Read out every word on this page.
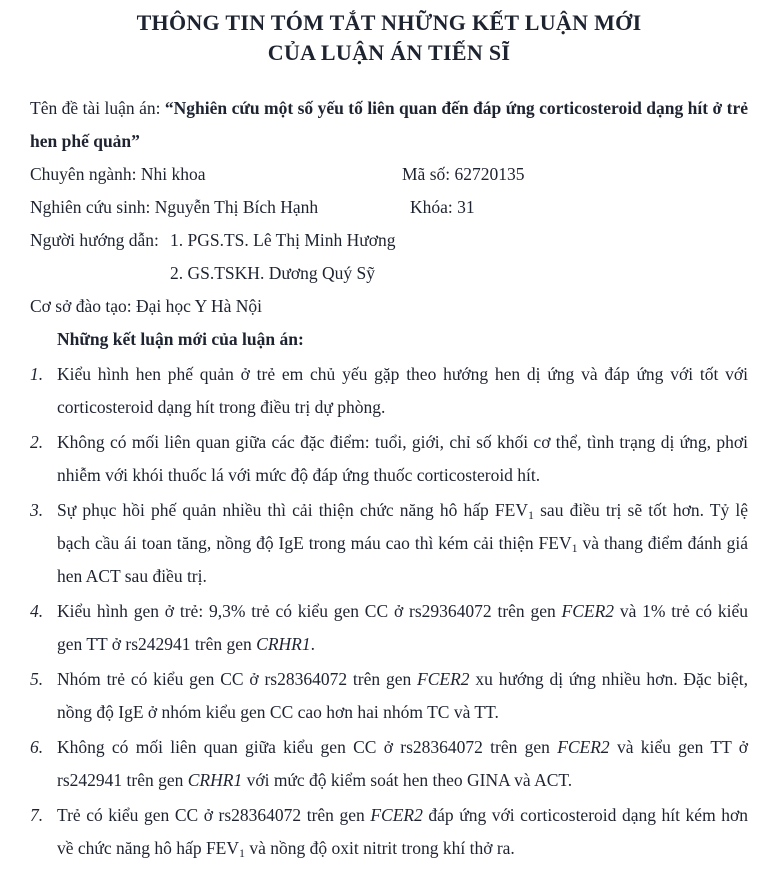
THÔNG TIN TÓM TẮT NHỮNG KẾT LUẬN MỚI
CỦA LUẬN ÁN TIẾN SĨ

Tên đề tài luận án: “Nghiên cứu một số yếu tố liên quan đến đáp ứng corticosteroid dạng hít ở trẻ hen phế quản”

Chuyên ngành: Nhi khoa	Mã số: 62720135
Nghiên cứu sinh: Nguyễn Thị Bích Hạnh	Khóa: 31
Người hướng dẫn: 1. PGS.TS. Lê Thị Minh Hương
2. GS.TSKH. Dương Quý Sỹ
Cơ sở đào tạo: Đại học Y Hà Nội

Những kết luận mới của luận án:

1. Kiểu hình hen phế quản ở trẻ em chủ yếu gặp theo hướng hen dị ứng và đáp ứng với tốt với corticosteroid dạng hít trong điều trị dự phòng.
2. Không có mối liên quan giữa các đặc điểm: tuổi, giới, chỉ số khối cơ thể, tình trạng dị ứng, phơi nhiễm với khói thuốc lá với mức độ đáp ứng thuốc corticosteroid hít.
3. Sự phục hồi phế quản nhiều thì cải thiện chức năng hô hấp $FEV_1$ sau điều trị sẽ tốt hơn. Tỷ lệ bạch cầu ái toan tăng, nồng độ IgE trong máu cao thì kém cải thiện $FEV_1$ và thang điểm đánh giá hen ACT sau điều trị.
4. Kiểu hình gen ở trẻ: 9,3% trẻ có kiểu gen CC ở rs29364072 trên gen FCER2 và 1% trẻ có kiểu gen TT ở rs242941 trên gen CRHR1.
5. Nhóm trẻ có kiểu gen CC ở rs28364072 trên gen FCER2 xu hướng dị ứng nhiều hơn. Đặc biệt, nồng độ IgE ở nhóm kiểu gen CC cao hơn hai nhóm TC và TT.
6. Không có mối liên quan giữa kiểu gen CC ở rs28364072 trên gen FCER2 và kiểu gen TT ở rs242941 trên gen CRHR1 với mức độ kiểm soát hen theo GINA và ACT.
7. Trẻ có kiểu gen CC ở rs28364072 trên gen FCER2 đáp ứng với corticosteroid dạng hít kém hơn về chức năng hô hấp $FEV_1$ và nồng độ oxit nitrit trong khí thở ra.
